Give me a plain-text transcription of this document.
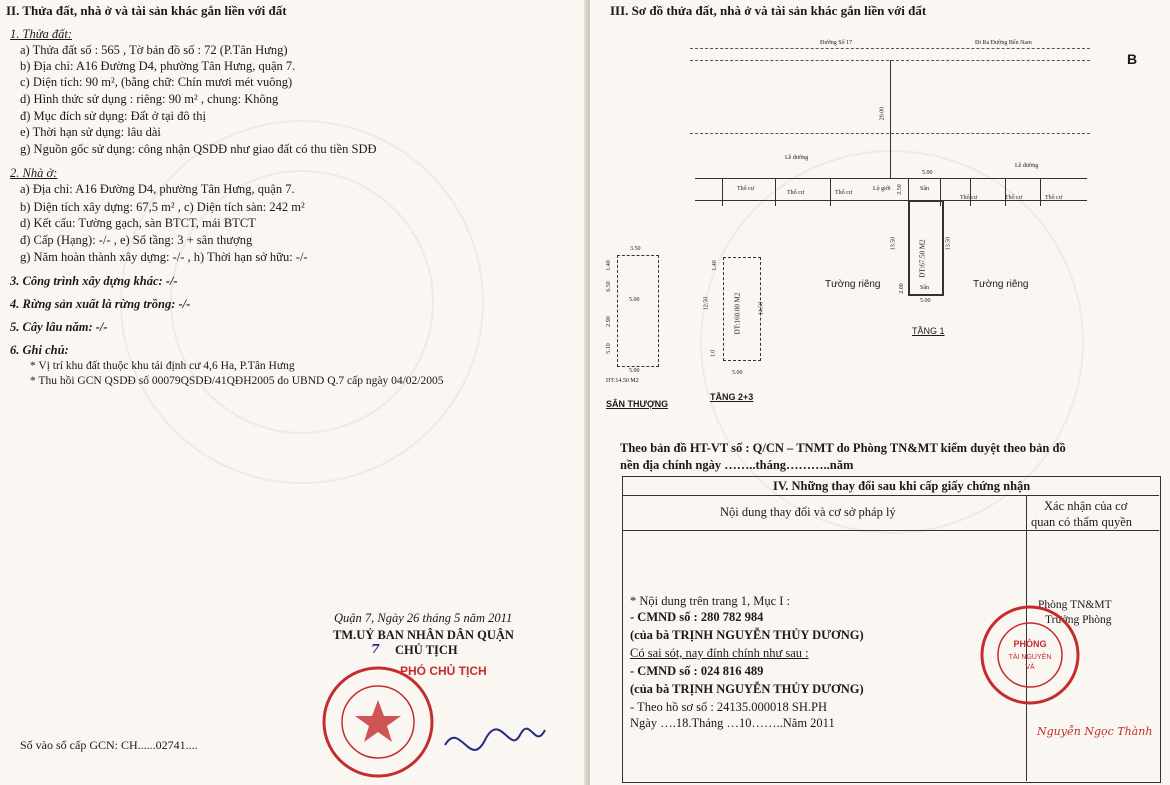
II. Thửa đất, nhà ở và tài sản khác gắn liền với đất
1. Thửa đất:
a) Thửa đất số : 565 , Tờ bản đồ số : 72 (P.Tân Hưng)
b) Địa chỉ: A16 Đường D4, phường Tân Hưng, quận 7.
c) Diện tích: 90 m², (bằng chữ: Chín mươi mét vuông)
d) Hình thức sử dụng : riêng: 90 m² , chung: Không
đ) Mục đích sử dụng: Đất ở tại đô thị
e) Thời hạn sử dụng: lâu dài
g) Nguồn gốc sử dụng: công nhận QSDĐ như giao đất có thu tiền SDĐ
2. Nhà ở:
a) Địa chỉ: A16 Đường D4, phường Tân Hưng, quận 7.
b) Diện tích xây dựng: 67,5 m² , c) Diện tích sàn: 242 m²
d) Kết cấu: Tường gạch, sàn BTCT, mái BTCT
đ) Cấp (Hạng): -/- , e) Số tầng: 3 + sân thượng
g) Năm hoàn thành xây dựng: -/- , h) Thời hạn sở hữu: -/-
3. Công trình xây dựng khác: -/-
4. Rừng sản xuất là rừng trồng: -/-
5. Cây lâu năm: -/-
6. Ghi chú:
* Vị trí khu đất thuộc khu tái định cư 4,6 Ha, P.Tân Hưng
* Thu hồi GCN QSDĐ số 00079QSDĐ/41QĐH2005 do UBND Q.7 cấp ngày 04/02/2005
Quận 7, Ngày 26 tháng 5 năm 2011
TM.UỶ BAN NHÂN DÂN QUẬN
7 CHỦ TỊCH
PHÓ CHỦ TỊCH
Số vào sổ cấp GCN: CH......02741....
III. Sơ đồ thửa đất, nhà ở và tài sản khác gắn liền với đất
B
Đường Số 17	Đi Ra Đường Bến Nam
20.00
Lề đường
Lề đường
5.00
Thổ cư
Thổ cư	Thổ cư
Lộ giới	Sân
Thổ cư	Thổ cư	Thổ cư
2.50
DT:67.50 M2
13.50	13.50
Sân
2.00
5.00
Tường riêng	Tường riêng
TẦNG 1
3.50
1.40
6.50
5.00
2.90
5.10
5.00
DT:14.50 M2
SÂN THƯỢNG
DT:160.00 M2
12.50	14.50
1.40
1.0
5.00
TẦNG 2+3
Theo bản đồ HT-VT số : Q/CN – TNMT do Phòng TN&MT kiểm duyệt theo bản đồ
nền địa chính ngày ……..tháng………..năm
IV. Những thay đổi sau khi cấp giấy chứng nhận
Nội dung thay đổi và cơ sở pháp lý	Xác nhận của cơ
quan có thẩm quyền
* Nội dung trên trang 1, Mục I :
- CMND số : 280 782 984
(của bà TRỊNH NGUYỄN THỦY DƯƠNG)
Có sai sót, nay đính chính như sau :
- CMND số : 024 816 489
(của bà TRỊNH NGUYỄN THỦY DƯƠNG)
- Theo hồ sơ số : 24135.000018 SH.PH
Ngày ….18.Tháng …10……..Năm 2011
Phòng TN&MT
Trưởng Phòng
PHÒNG
TÀI NGUYÊN
VÀ
Nguyễn Ngọc Thành
